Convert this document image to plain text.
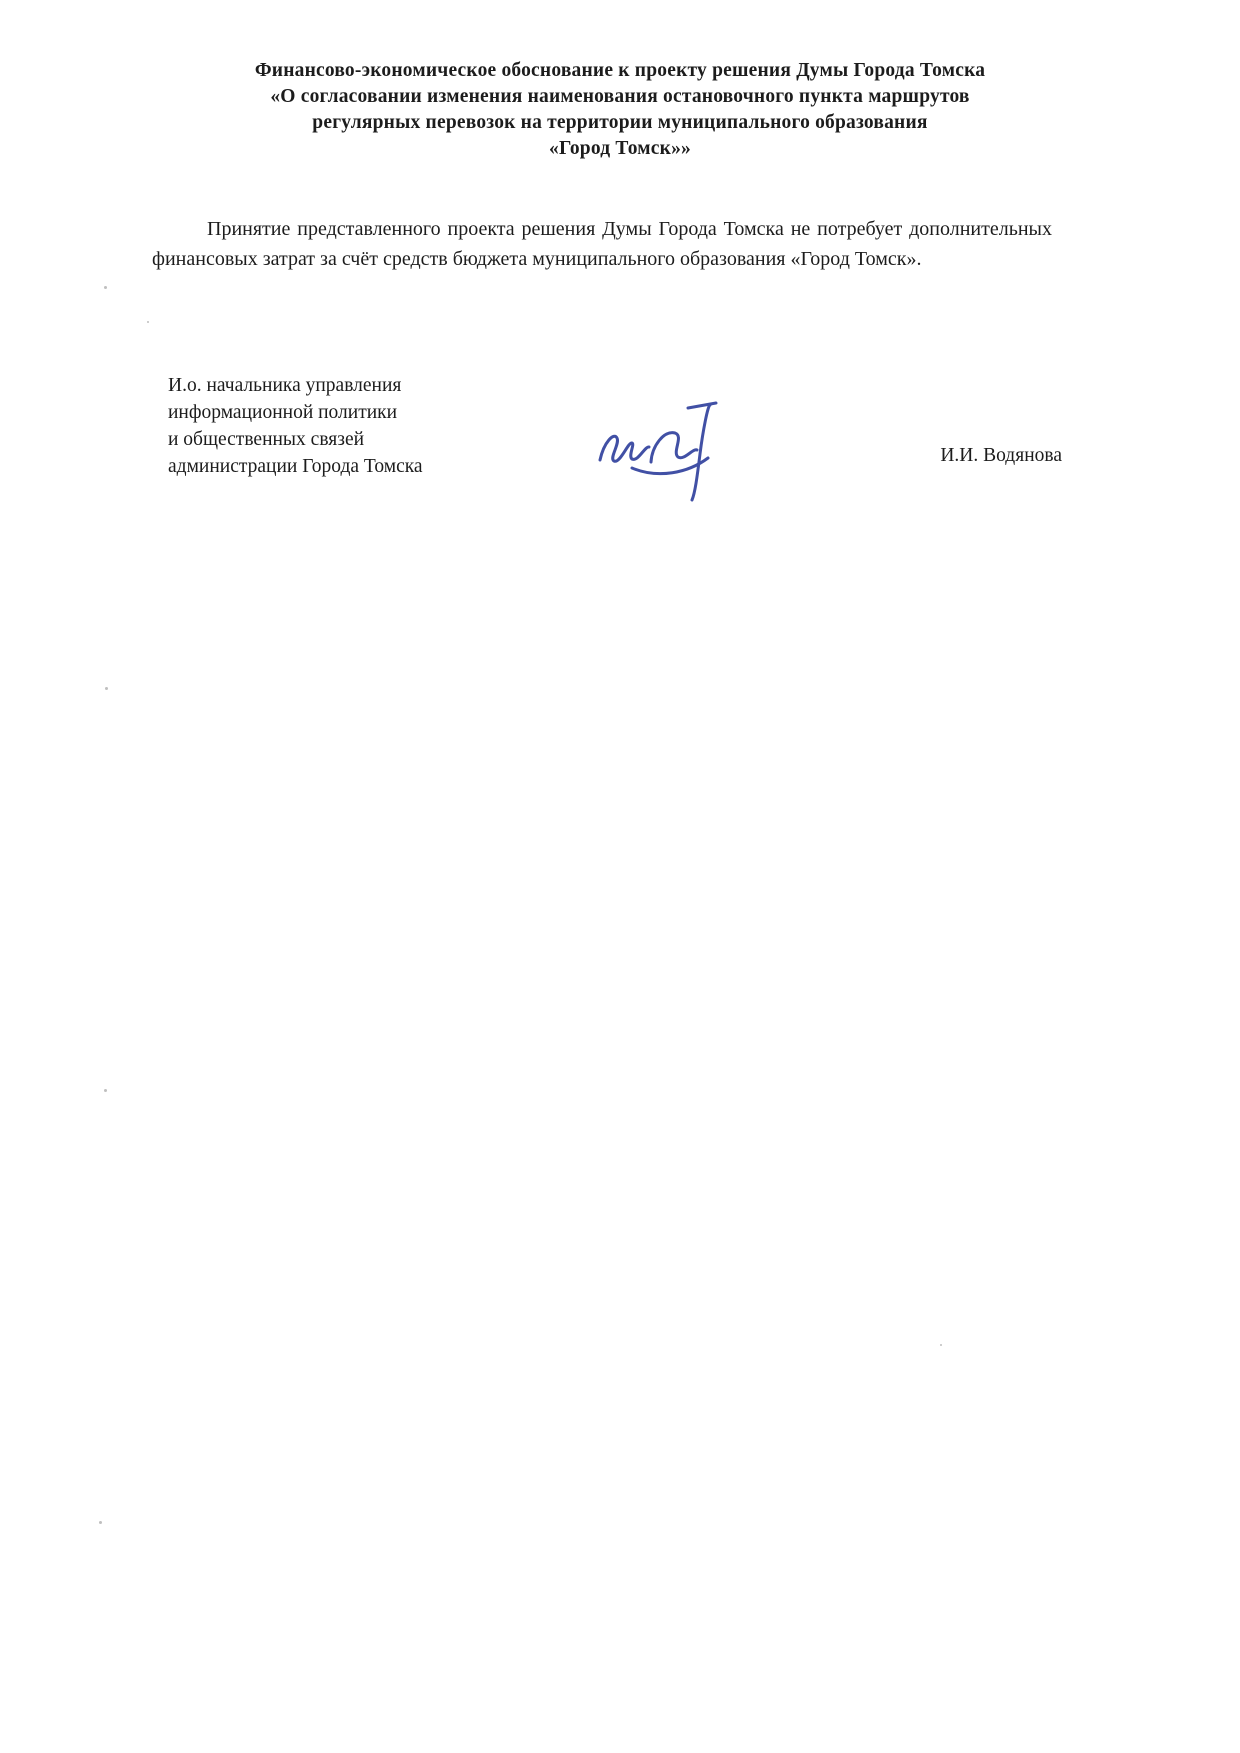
Финансово-экономическое обоснование к проекту решения Думы Города Томска
«О согласовании изменения наименования остановочного пункта маршрутов
регулярных перевозок на территории муниципального образования
«Город Томск»»
Принятие представленного проекта решения Думы Города Томска не потребует дополнительных финансовых затрат за счёт средств бюджета муниципального образования «Город Томск».
И.о. начальника управления
информационной политики
и общественных связей
администрации Города Томска
И.И. Водянова
